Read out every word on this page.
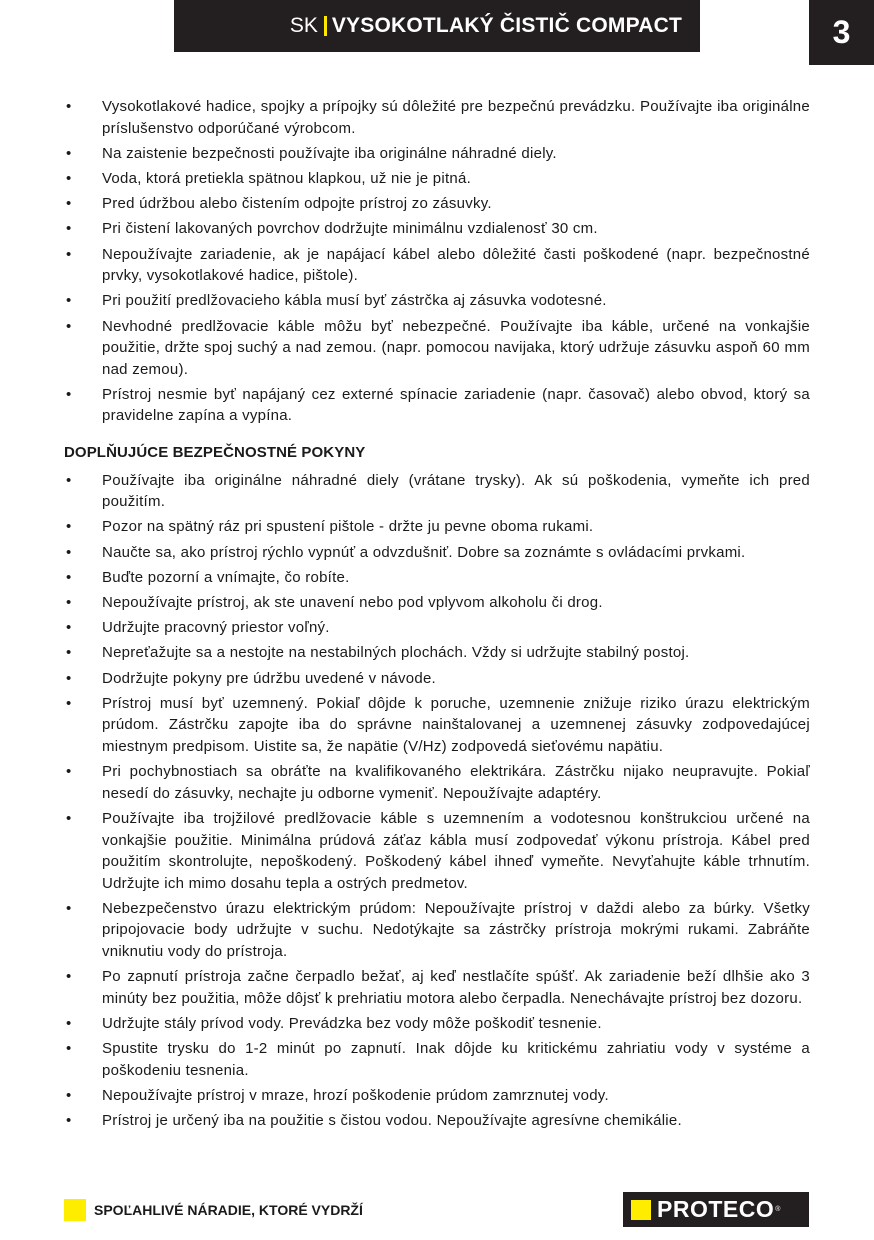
SK VYSOKOTLAKÝ ČISTIČ COMPACT	3
• Vysokotlakové hadice, spojky a prípojky sú dôležité pre bezpečnú prevádzku. Používajte iba originálne príslušenstvo odporúčané výrobcom.
• Na zaistenie bezpečnosti používajte iba originálne náhradné diely.
• Voda, ktorá pretiekla spätnou klapkou, už nie je pitná.
• Pred údržbou alebo čistením odpojte prístroj zo zásuvky.
• Pri čistení lakovaných povrchov dodržujte minimálnu vzdialenosť 30 cm.
• Nepoužívajte zariadenie, ak je napájací kábel alebo dôležité časti poškodené (napr. bezpečnostné prvky, vysokotlakové hadice, pištole).
• Pri použití predlžovacieho kábla musí byť zástrčka aj zásuvka vodotesné.
• Nevhodné predlžovacie káble môžu byť nebezpečné. Používajte iba káble, určené na vonkajšie použitie, držte spoj suchý a nad zemou. (napr. pomocou navijaka, ktorý udržuje zásuvku aspoň 60 mm nad zemou).
• Prístroj nesmie byť napájaný cez externé spínacie zariadenie (napr. časovač) alebo obvod, ktorý sa pravidelne zapína a vypína.
DOPLŇUJÚCE BEZPEČNOSTNÉ POKYNY
• Používajte iba originálne náhradné diely (vrátane trysky). Ak sú poškodenia, vymeňte ich pred použitím.
• Pozor na spätný ráz pri spustení pištole - držte ju pevne oboma rukami.
• Naučte sa, ako prístroj rýchlo vypnúť a odvzdušniť. Dobre sa zoznámte s ovládacími prvkami.
• Buďte pozorní a vnímajte, čo robíte.
• Nepoužívajte prístroj, ak ste unavení nebo pod vplyvom alkoholu či drog.
• Udržujte pracovný priestor voľný.
• Nepreťažujte sa a nestojte na nestabilných plochách. Vždy si udržujte stabilný postoj.
• Dodržujte pokyny pre údržbu uvedené v návode.
• Prístroj musí byť uzemnený. Pokiaľ dôjde k poruche, uzemnenie znižuje riziko úrazu elektrickým prúdom. Zástrčku zapojte iba do správne nainštalovanej a uzemnenej zásuvky zodpovedajúcej miestnym predpisom. Uistite sa, že napätie (V/Hz) zodpovedá sieťovému napätiu.
• Pri pochybnostiach sa obráťte na kvalifikovaného elektrikára. Zástrčku nijako neupravujte. Pokiaľ nesedí do zásuvky, nechajte ju odborne vymeniť. Nepoužívajte adaptéry.
• Používajte iba trojžilové predlžovacie káble s uzemnením a vodotesnou konštrukciou určené na vonkajšie použitie. Minimálna prúdová záťaz kábla musí zodpovedať výkonu prístroja. Kábel pred použitím skontrolujte, nepoškodený. Poškodený kábel ihneď vymeňte. Nevyťahujte káble trhnutím. Udržujte ich mimo dosahu tepla a ostrých predmetov.
• Nebezpečenstvo úrazu elektrickým prúdom: Nepoužívajte prístroj v daždi alebo za búrky. Všetky pripojovacie body udržujte v suchu. Nedotýkajte sa zástrčky prístroja mokrými rukami. Zabráňte vniknutiu vody do prístroja.
• Po zapnutí prístroja začne čerpadlo bežať, aj keď nestlačíte spúšť. Ak zariadenie beží dlhšie ako 3 minúty bez použitia, môže dôjsť k prehriatiu motora alebo čerpadla. Nenechávajte prístroj bez dozoru.
• Udržujte stály prívod vody. Prevádzka bez vody môže poškodiť tesnenie.
• Spustite trysku do 1-2 minút po zapnutí. Inak dôjde ku kritickému zahriatiu vody v systéme a poškodeniu tesnenia.
• Nepoužívajte prístroj v mraze, hrozí poškodenie prúdom zamrznutej vody.
• Prístroj je určený iba na použitie s čistou vodou. Nepoužívajte agresívne chemikálie.
SPOĽAHLIVÉ NÁRADIE, KTORÉ VYDRŽÍ	PROTECO ®
